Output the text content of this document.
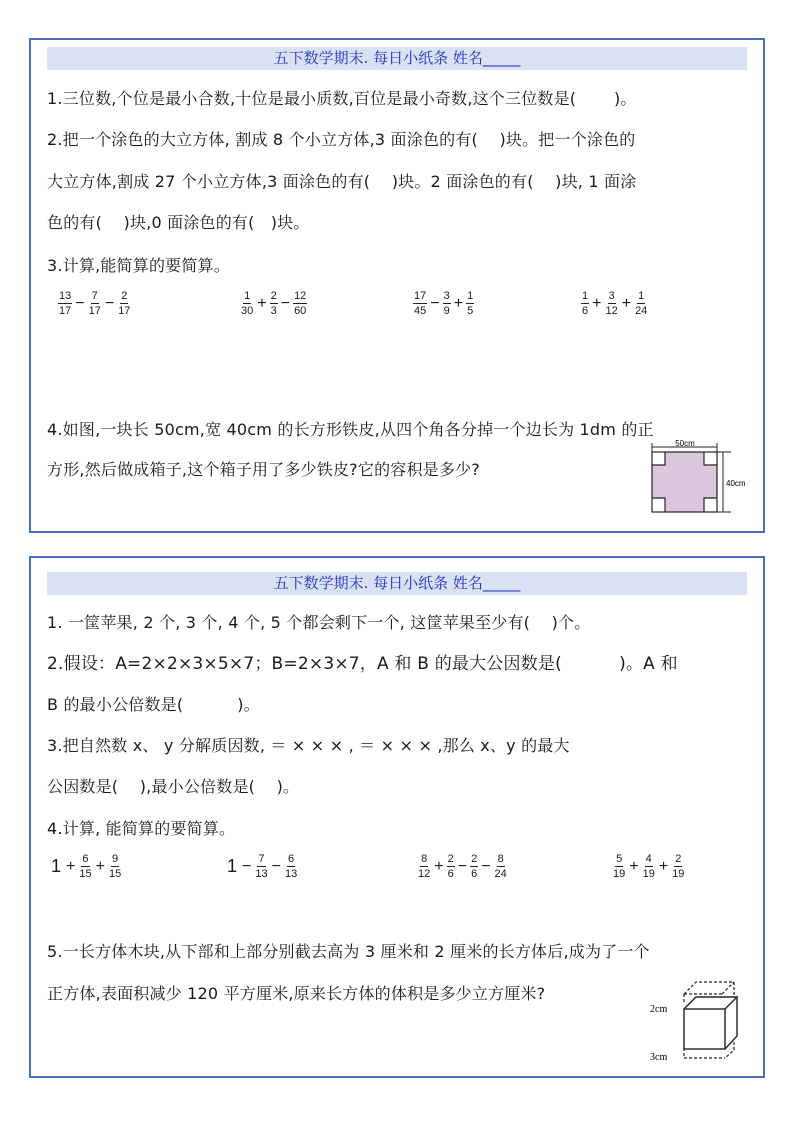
五下数学期末. 每日小纸条 姓名_____
1.三位数,个位是最小合数,十位是最小质数,百位是最小奇数,这个三位数是(　　 )。
2.把一个涂色的大立方体, 割成 8 个小立方体,3 面涂色的有(　 )块。把一个涂色的
大立方体,割成 27 个小立方体,3 面涂色的有(　 )块。2 面涂色的有(　 )块, 1 面涂
色的有(　 )块,0 面涂色的有(　)块。
3.计算,能简算的要简算。
$\frac{13}{17} - \frac{7}{17} - \frac{2}{17}$	$\frac{1}{30} + \frac{2}{3} - \frac{12}{60}$	$\frac{17}{45} - \frac{3}{9} + \frac{1}{5}$	$\frac{1}{6} + \frac{3}{12} + \frac{1}{24}$
4.如图,一块长 50cm,宽 40cm 的长方形铁皮,从四个角各分掉一个边长为 1dm 的正
方形,然后做成箱子,这个箱子用了多少铁皮?它的容积是多少?
50cm
40cm
五下数学期末. 每日小纸条 姓名_____
1. 一筐苹果, 2 个, 3 个, 4 个, 5 个都会剩下一个, 这筐苹果至少有(　 )个。
2.假设：A=2×2×3×5×7；B=2×3×7，A 和 B 的最大公因数是(　　　 )。A 和
B 的最小公倍数是(　　　 )。
3.把自然数 x、 y 分解质因数, ＝ × × × , ＝ × × × ,那么 x、y 的最大
公因数是(　 ),最小公倍数是(　 )。
4.计算, 能简算的要简算。
$1 + \frac{6}{15} + \frac{9}{15}$	$1 - \frac{7}{13} - \frac{6}{13}$	$\frac{8}{12} + \frac{2}{6} - \frac{2}{6} - \frac{8}{24}$	$\frac{5}{19} + \frac{4}{19} + \frac{2}{19}$
5.一长方体木块,从下部和上部分别截去高为 3 厘米和 2 厘米的长方体后,成为了一个
正方体,表面积减少 120 平方厘米,原来长方体的体积是多少立方厘米?
2cm
3cm
